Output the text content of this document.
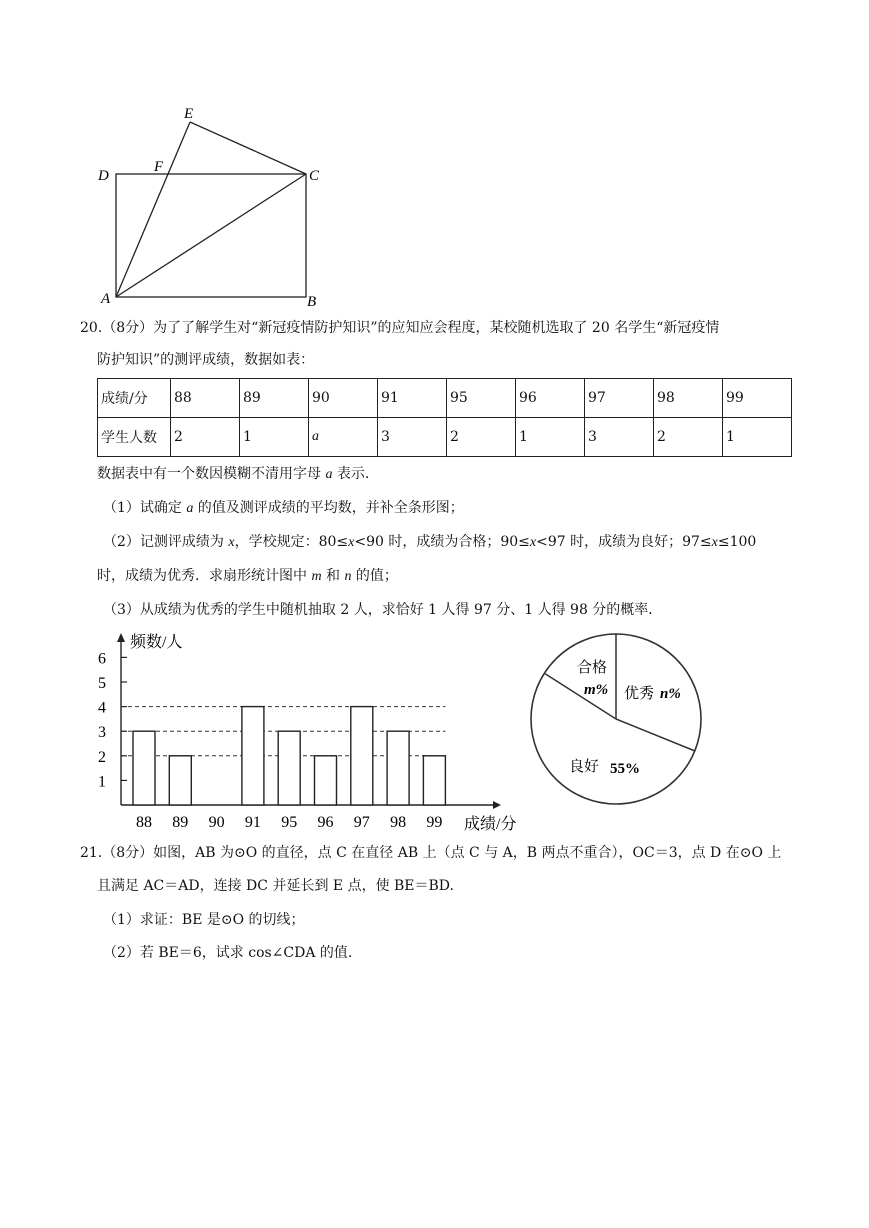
E
D
F
C
A	B
20.（8分）为了了解学生对“新冠疫情防护知识”的应知应会程度，某校随机选取了 20 名学生“新冠疫情
防护知识”的测评成绩，数据如表：
成绩/分	88	89	90	91	95	96	97	98	99
学生人数	2	1	a	3	2	1	3	2	1
数据表中有一个数因模糊不清用字母 a 表示.
（1）试确定 a 的值及测评成绩的平均数，并补全条形图；
（2）记测评成绩为 x，学校规定：80≤x<90 时，成绩为合格；90≤x<97 时，成绩为良好；97≤x≤100
时，成绩为优秀．求扇形统计图中 m 和 n 的值；
（3）从成绩为优秀的学生中随机抽取 2 人，求恰好 1 人得 97 分、1 人得 98 分的概率．
1
2
3
4
5
6
88 89 90 91 95 96 97 98 99
频数/人
成绩/分
合格
m% 优秀 n%
良好 55%
21.（8分）如图，AB 为⊙O 的直径，点 C 在直径 AB 上（点 C 与 A，B 两点不重合），OC＝3，点 D 在⊙O 上
且满足 AC＝AD，连接 DC 并延长到 E 点，使 BE＝BD.
（1）求证：BE 是⊙O 的切线；
（2）若 BE＝6，试求 cos∠CDA 的值.
